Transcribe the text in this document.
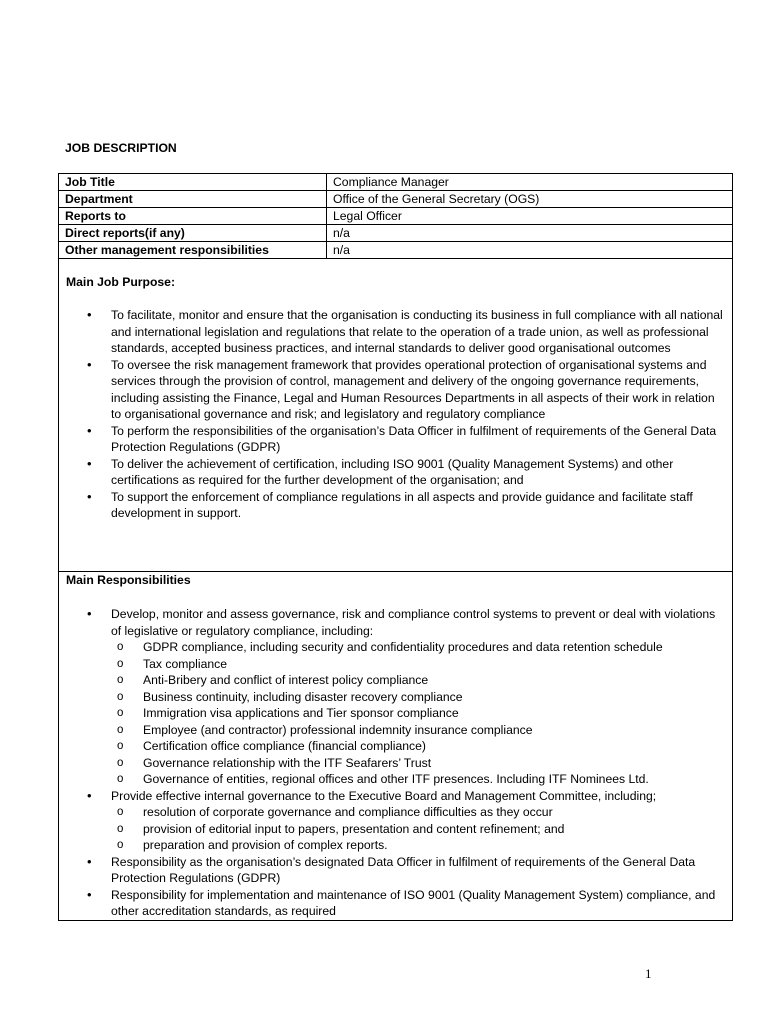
JOB DESCRIPTION
Job Title	Compliance Manager
Department	Office of the General Secretary (OGS)
Reports to	Legal Officer
Direct reports(if any)	n/a
Other management responsibilities	n/a
Main Job Purpose:
• To facilitate, monitor and ensure that the organisation is conducting its business in full compliance with all national and international legislation and regulations that relate to the operation of a trade union, as well as professional standards, accepted business practices, and internal standards to deliver good organisational outcomes
• To oversee the risk management framework that provides operational protection of organisational systems and services through the provision of control, management and delivery of the ongoing governance requirements, including assisting the Finance, Legal and Human Resources Departments in all aspects of their work in relation to organisational governance and risk; and legislatory and regulatory compliance
• To perform the responsibilities of the organisation’s Data Officer in fulfilment of requirements of the General Data Protection Regulations (GDPR)
• To deliver the achievement of certification, including ISO 9001 (Quality Management Systems) and other certifications as required for the further development of the organisation; and
• To support the enforcement of compliance regulations in all aspects and provide guidance and facilitate staff development in support.
Main Responsibilities
• Develop, monitor and assess governance, risk and compliance control systems to prevent or deal with violations of legislative or regulatory compliance, including:
o GDPR compliance, including security and confidentiality procedures and data retention schedule
o Tax compliance
o Anti-Bribery and conflict of interest policy compliance
o Business continuity, including disaster recovery compliance
o Immigration visa applications and Tier sponsor compliance
o Employee (and contractor) professional indemnity insurance compliance
o Certification office compliance (financial compliance)
o Governance relationship with the ITF Seafarers’ Trust
o Governance of entities, regional offices and other ITF presences. Including ITF Nominees Ltd.
• Provide effective internal governance to the Executive Board and Management Committee, including;
o resolution of corporate governance and compliance difficulties as they occur
o provision of editorial input to papers, presentation and content refinement; and
o preparation and provision of complex reports.
• Responsibility as the organisation’s designated Data Officer in fulfilment of requirements of the General Data Protection Regulations (GDPR)
• Responsibility for implementation and maintenance of ISO 9001 (Quality Management System) compliance, and other accreditation standards, as required
1
